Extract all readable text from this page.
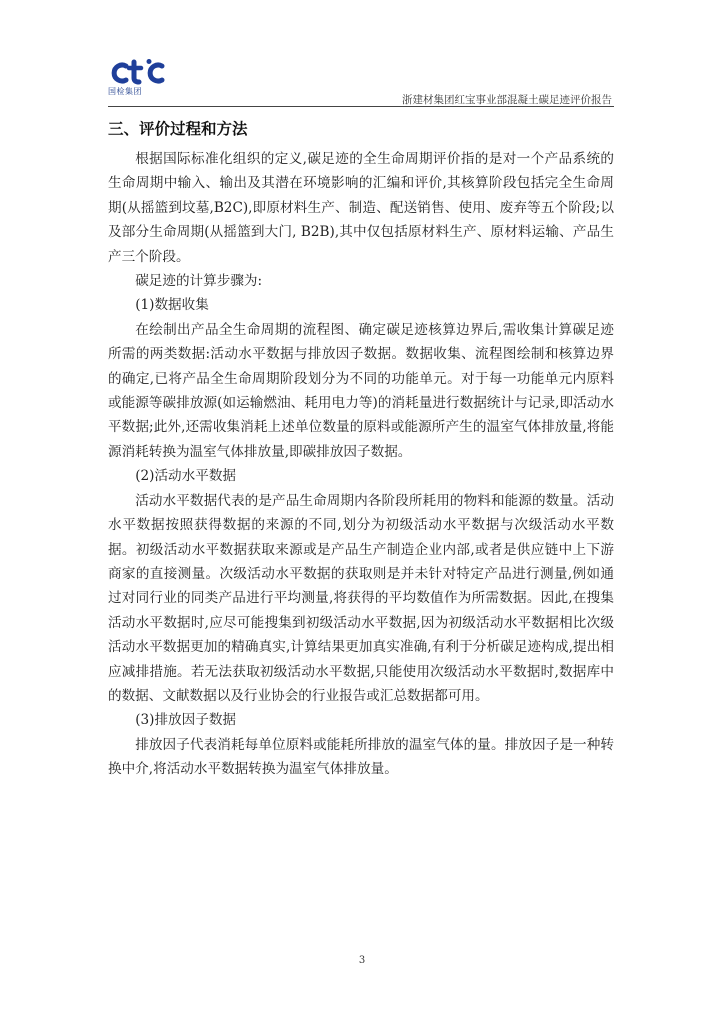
国检集团
浙建材集团红宝事业部混凝土碳足迹评价报告
三、评价过程和方法

根据国际标准化组织的定义,碳足迹的全生命周期评价指的是对一个产品系统的生命周期中输入、输出及其潜在环境影响的汇编和评价,其核算阶段包括完全生命周期(从摇篮到坟墓,B2C),即原材料生产、制造、配送销售、使用、废弃等五个阶段;以及部分生命周期(从摇篮到大门, B2B),其中仅包括原材料生产、原材料运输、产品生产三个阶段。

碳足迹的计算步骤为:

(1)数据收集

在绘制出产品全生命周期的流程图、确定碳足迹核算边界后,需收集计算碳足迹所需的两类数据:活动水平数据与排放因子数据。数据收集、流程图绘制和核算边界的确定,已将产品全生命周期阶段划分为不同的功能单元。对于每一功能单元内原料或能源等碳排放源(如运输燃油、耗用电力等)的消耗量进行数据统计与记录,即活动水平数据;此外,还需收集消耗上述单位数量的原料或能源所产生的温室气体排放量,将能源消耗转换为温室气体排放量,即碳排放因子数据。

(2)活动水平数据

活动水平数据代表的是产品生命周期内各阶段所耗用的物料和能源的数量。活动水平数据按照获得数据的来源的不同,划分为初级活动水平数据与次级活动水平数据。初级活动水平数据获取来源或是产品生产制造企业内部,或者是供应链中上下游商家的直接测量。次级活动水平数据的获取则是并未针对特定产品进行测量,例如通过对同行业的同类产品进行平均测量,将获得的平均数值作为所需数据。因此,在搜集活动水平数据时,应尽可能搜集到初级活动水平数据,因为初级活动水平数据相比次级活动水平数据更加的精确真实,计算结果更加真实准确,有利于分析碳足迹构成,提出相应减排措施。若无法获取初级活动水平数据,只能使用次级活动水平数据时,数据库中的数据、文献数据以及行业协会的行业报告或汇总数据都可用。

(3)排放因子数据

排放因子代表消耗每单位原料或能耗所排放的温室气体的量。排放因子是一种转换中介,将活动水平数据转换为温室气体排放量。

3
